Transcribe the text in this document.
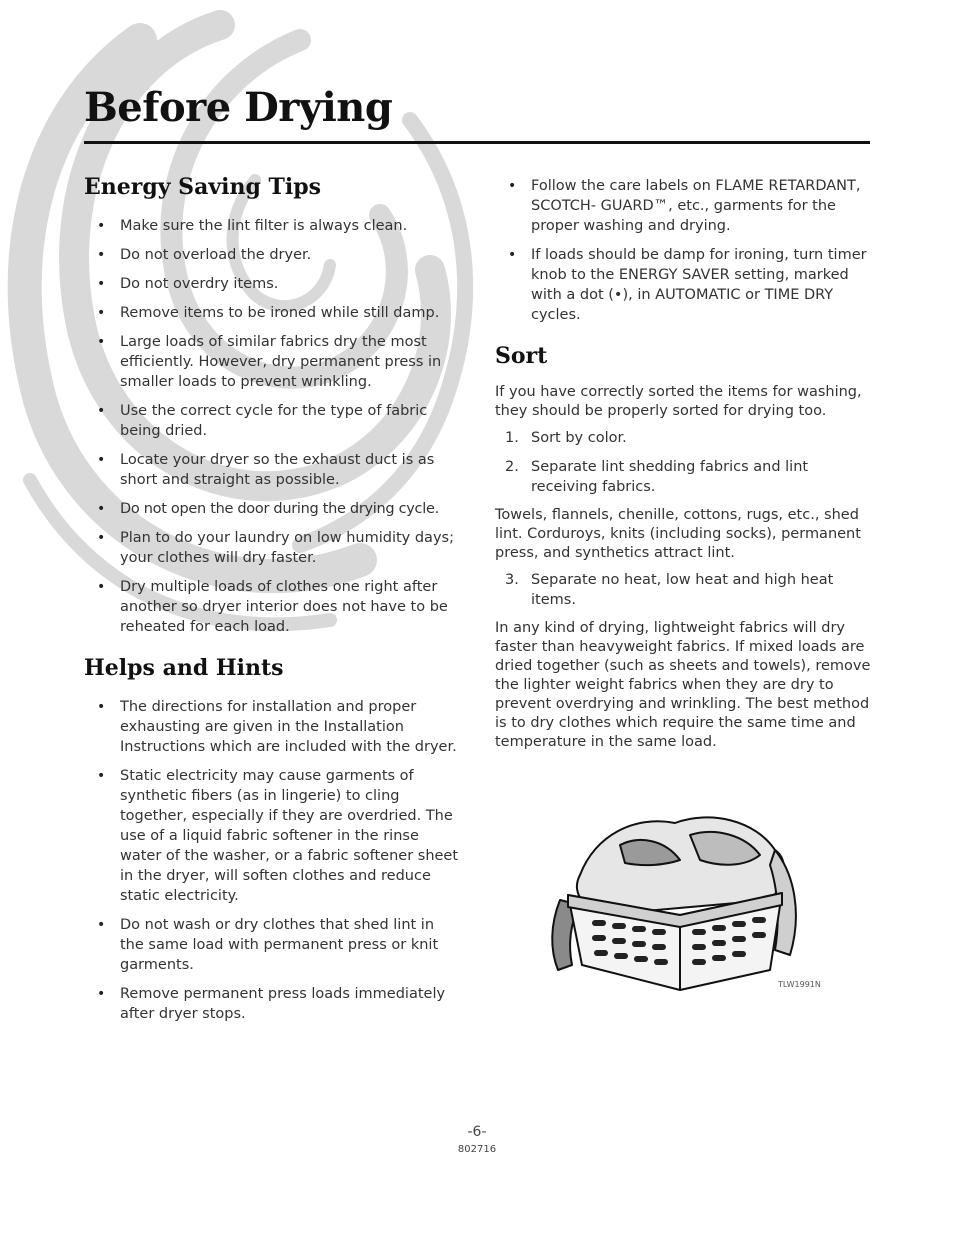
Before Drying
Energy Saving Tips
• Make sure the lint filter is always clean.
• Do not overload the dryer.
• Do not overdry items.
• Remove items to be ironed while still damp.
• Large loads of similar fabrics dry the most efficiently. However, dry permanent press in smaller loads to prevent wrinkling.
• Use the correct cycle for the type of fabric being dried.
• Locate your dryer so the exhaust duct is as short and straight as possible.
• Do not open the door during the drying cycle.
• Plan to do your laundry on low humidity days; your clothes will dry faster.
• Dry multiple loads of clothes one right after another so dryer interior does not have to be reheated for each load.
Helps and Hints
• The directions for installation and proper exhausting are given in the Installation Instructions which are included with the dryer.
• Static electricity may cause garments of synthetic fibers (as in lingerie) to cling together, especially if they are overdried. The use of a liquid fabric softener in the rinse water of the washer, or a fabric softener sheet in the dryer, will soften clothes and reduce static electricity.
• Do not wash or dry clothes that shed lint in the same load with permanent press or knit garments.
• Remove permanent press loads immediately after dryer stops.
• Follow the care labels on FLAME RETARDANT, SCOTCH- GUARD™, etc., garments for the proper washing and drying.
• If loads should be damp for ironing, turn timer knob to the ENERGY SAVER setting, marked with a dot (•), in AUTOMATIC or TIME DRY cycles.
Sort

If you have correctly sorted the items for washing, they should be properly sorted for drying too.

1. Sort by color.
2. Separate lint shedding fabrics and lint receiving fabrics.

Towels, flannels, chenille, cottons, rugs, etc., shed lint. Corduroys, knits (including socks), permanent press, and synthetics attract lint.

3. Separate no heat, low heat and high heat items.

In any kind of drying, lightweight fabrics will dry faster than heavyweight fabrics. If mixed loads are dried together (such as sheets and towels), remove the lighter weight fabrics when they are dry to prevent overdrying and wrinkling. The best method is to dry clothes which require the same time and temperature in the same load.

TLW1991N
-6-
802716
